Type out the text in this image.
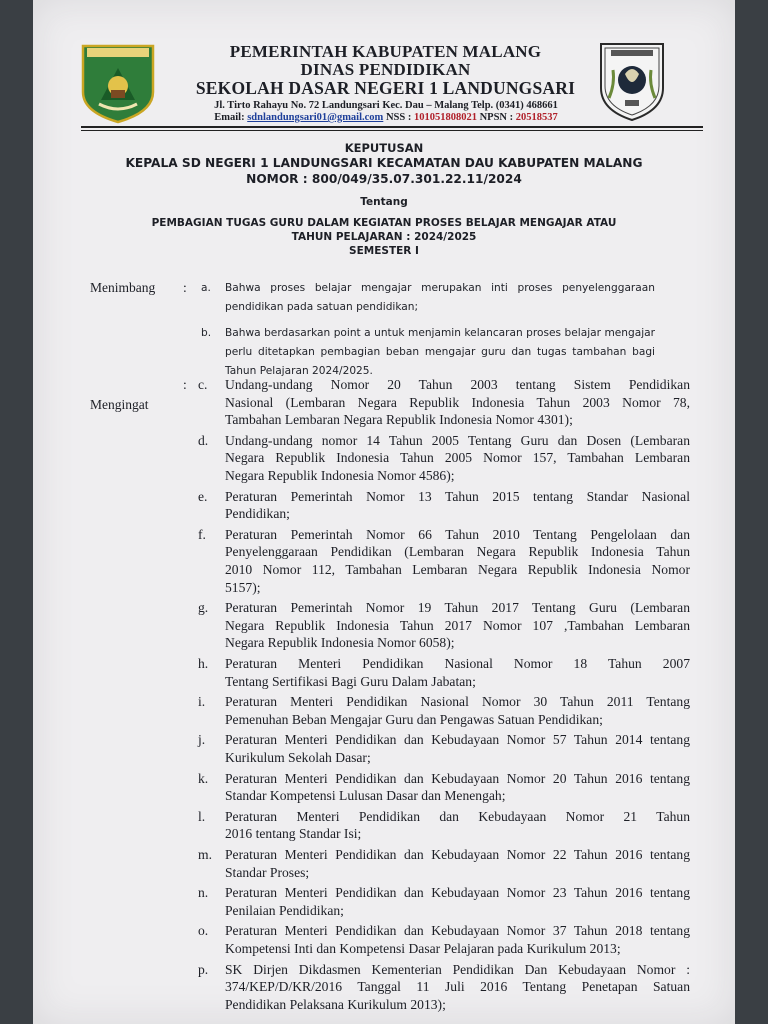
PEMERINTAH KABUPATEN MALANG
DINAS PENDIDIKAN
SEKOLAH DASAR NEGERI 1 LANDUNGSARI
Jl. Tirto Rahayu No. 72 Landungsari Kec. Dau – Malang Telp. (0341) 468661
Email: sdnlandungsari01@gmail.com NSS : 101051808021 NPSN : 20518537
KEPUTUSAN
KEPALA SD NEGERI 1 LANDUNGSARI KECAMATAN DAU KABUPATEN MALANG
NOMOR : 800/049/35.07.301.22.11/2024
Tentang
PEMBAGIAN TUGAS GURU DALAM KEGIATAN PROSES BELAJAR MENGAJAR ATAU
TAHUN PELAJARAN : 2024/2025
SEMESTER I
Menimbang : a. Bahwa proses belajar mengajar merupakan inti proses penyelenggaraan
pendidikan pada satuan pendidikan;
b. Bahwa berdasarkan point a untuk menjamin kelancaran proses belajar mengajar
perlu ditetapkan pembagian beban mengajar guru dan tugas tambahan bagi
Tahun Pelajaran 2024/2025.
Mengingat
: c. Undang-undang Nomor 20 Tahun 2003 tentang Sistem Pendidikan
Nasional (Lembaran Negara Republik Indonesia Tahun 2003 Nomor 78,
Tambahan Lembaran Negara Republik Indonesia Nomor 4301);
d. Undang-undang nomor 14 Tahun 2005 Tentang Guru dan Dosen (Lembaran
Negara Republik Indonesia Tahun 2005 Nomor 157, Tambahan Lembaran
Negara Republik Indonesia Nomor 4586);
e. Peraturan Pemerintah Nomor 13 Tahun 2015 tentang Standar Nasional
Pendidikan;
f. Peraturan Pemerintah Nomor 66 Tahun 2010 Tentang Pengelolaan dan
Penyelenggaraan Pendidikan (Lembaran Negara Republik Indonesia Tahun
2010 Nomor 112, Tambahan Lembaran Negara Republik Indonesia Nomor
5157);
g. Peraturan Pemerintah Nomor 19 Tahun 2017 Tentang Guru (Lembaran
Negara Republik Indonesia Tahun 2017 Nomor 107 ,Tambahan Lembaran
Negara Republik Indonesia Nomor 6058);
h. Peraturan Menteri Pendidikan Nasional Nomor 18 Tahun 2007
Tentang Sertifikasi Bagi Guru Dalam Jabatan;
i. Peraturan Menteri Pendidikan Nasional Nomor 30 Tahun 2011 Tentang
Pemenuhan Beban Mengajar Guru dan Pengawas Satuan Pendidikan;
j. Peraturan Menteri Pendidikan dan Kebudayaan Nomor 57 Tahun 2014 tentang
Kurikulum Sekolah Dasar;
k. Peraturan Menteri Pendidikan dan Kebudayaan Nomor 20 Tahun 2016 tentang
Standar Kompetensi Lulusan Dasar dan Menengah;
l. Peraturan Menteri Pendidikan dan Kebudayaan Nomor 21 Tahun
2016 tentang Standar Isi;
m. Peraturan Menteri Pendidikan dan Kebudayaan Nomor 22 Tahun 2016 tentang
Standar Proses;
n. Peraturan Menteri Pendidikan dan Kebudayaan Nomor 23 Tahun 2016 tentang
Penilaian Pendidikan;
o. Peraturan Menteri Pendidikan dan Kebudayaan Nomor 37 Tahun 2018 tentang
Kompetensi Inti dan Kompetensi Dasar Pelajaran pada Kurikulum 2013;
p. SK Dirjen Dikdasmen Kementerian Pendidikan Dan Kebudayaan Nomor :
374/KEP/D/KR/2016 Tanggal 11 Juli 2016 Tentang Penetapan Satuan
Pendidikan Pelaksana Kurikulum 2013);
